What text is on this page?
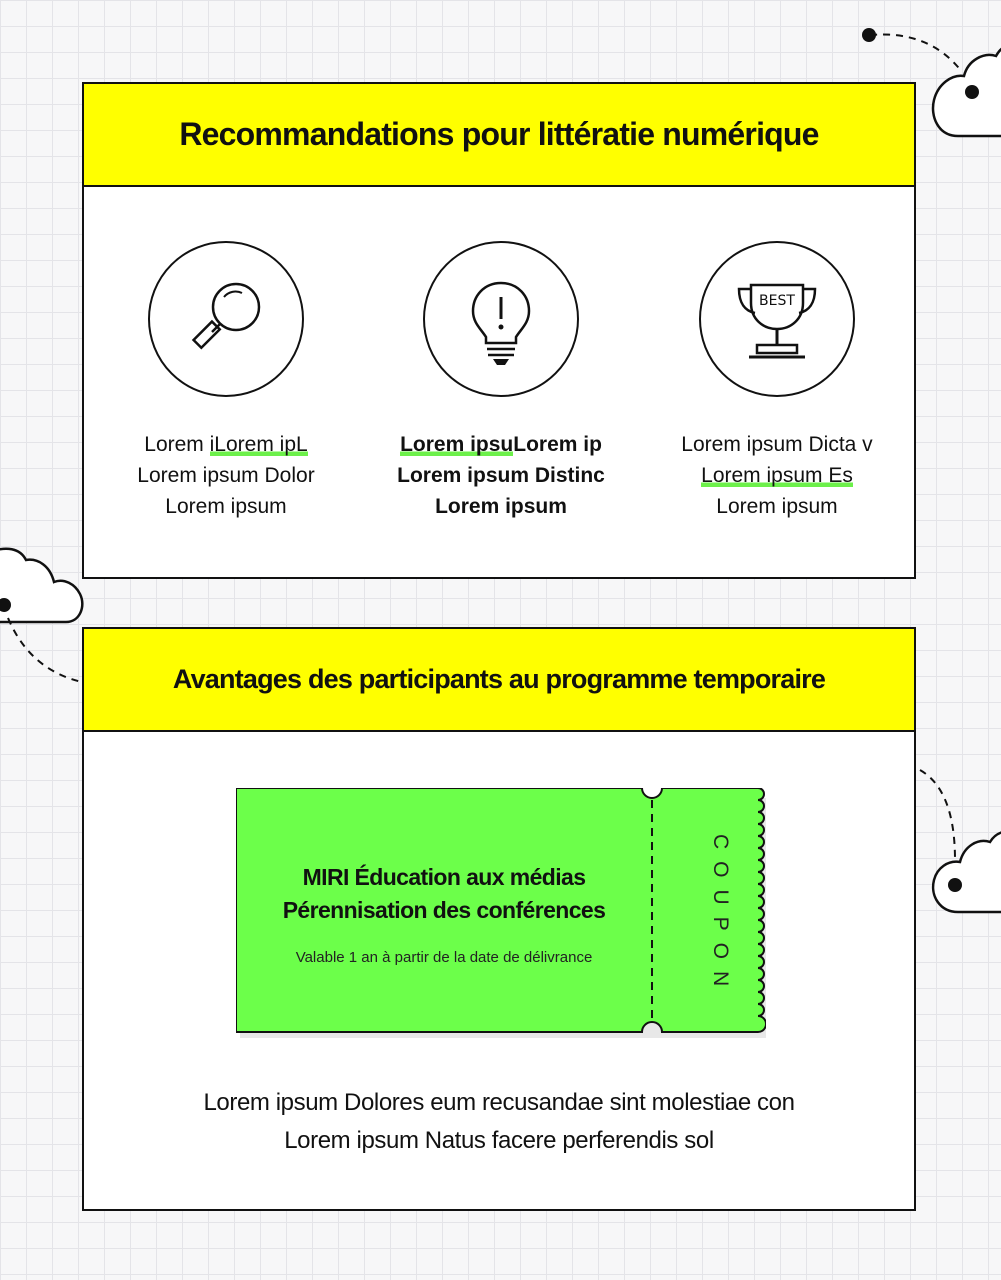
Recommandations pour littératie numérique
Lorem iLorem ipL
Lorem ipsum Dolor
Lorem ipsum
Lorem ipsuLorem ip
Lorem ipsum Distinc
Lorem ipsum
BEST
Lorem ipsum Dicta v
Lorem ipsum Es
Lorem ipsum
Avantages des participants au programme temporaire
MIRI Éducation aux médias
Pérennisation des conférences
Valable 1 an à partir de la date de délivrance	COUPON
Lorem ipsum Dolores eum recusandae sint molestiae con
Lorem ipsum Natus facere perferendis sol
